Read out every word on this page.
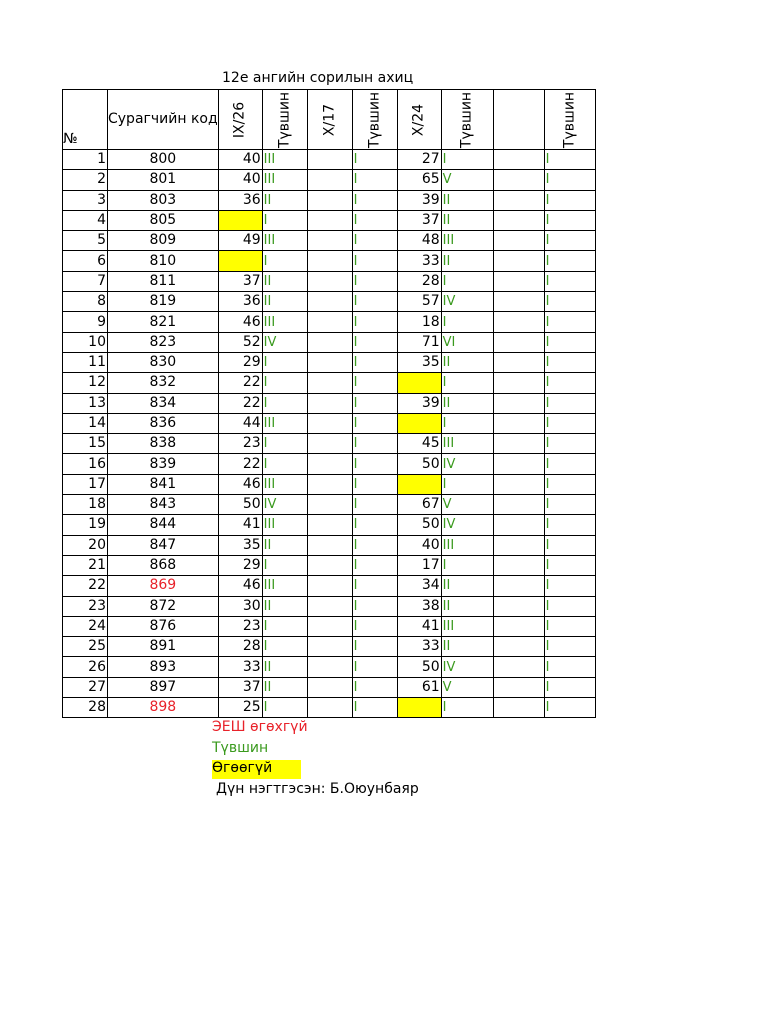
12е ангийн сорилын ахиц
№	Сурагчийн код	IX/26	Түвшин	X/17	Түвшин	X/24	Түвшин		Түвшин

1	800	40	III		I	27	I		I
2	801	40	III		I	65	V		I
3	803	36	II		I	39	II		I
4	805		I		I	37	II		I
5	809	49	III		I	48	III		I
6	810		I		I	33	II		I
7	811	37	II		I	28	I		I
8	819	36	II		I	57	IV		I
9	821	46	III		I	18	I		I
10	823	52	IV		I	71	VI		I
11	830	29	I		I	35	II		I
12	832	22	I		I		I		I
13	834	22	I		I	39	II		I
14	836	44	III		I		I		I
15	838	23	I		I	45	III		I
16	839	22	I		I	50	IV		I
17	841	46	III		I		I		I
18	843	50	IV		I	67	V		I
19	844	41	III		I	50	IV		I
20	847	35	II		I	40	III		I
21	868	29	I		I	17	I		I
22	869	46	III		I	34	II		I
23	872	30	II		I	38	II		I
24	876	23	I		I	41	III		I
25	891	28	I		I	33	II		I
26	893	33	II		I	50	IV		I
27	897	37	II		I	61	V		I
28	898	25	I		I		I		I
ЭЕШ өгөхгүй
Түвшин
Өгөөгүй
Дүн нэгтгэсэн: Б.Оюунбаяр
